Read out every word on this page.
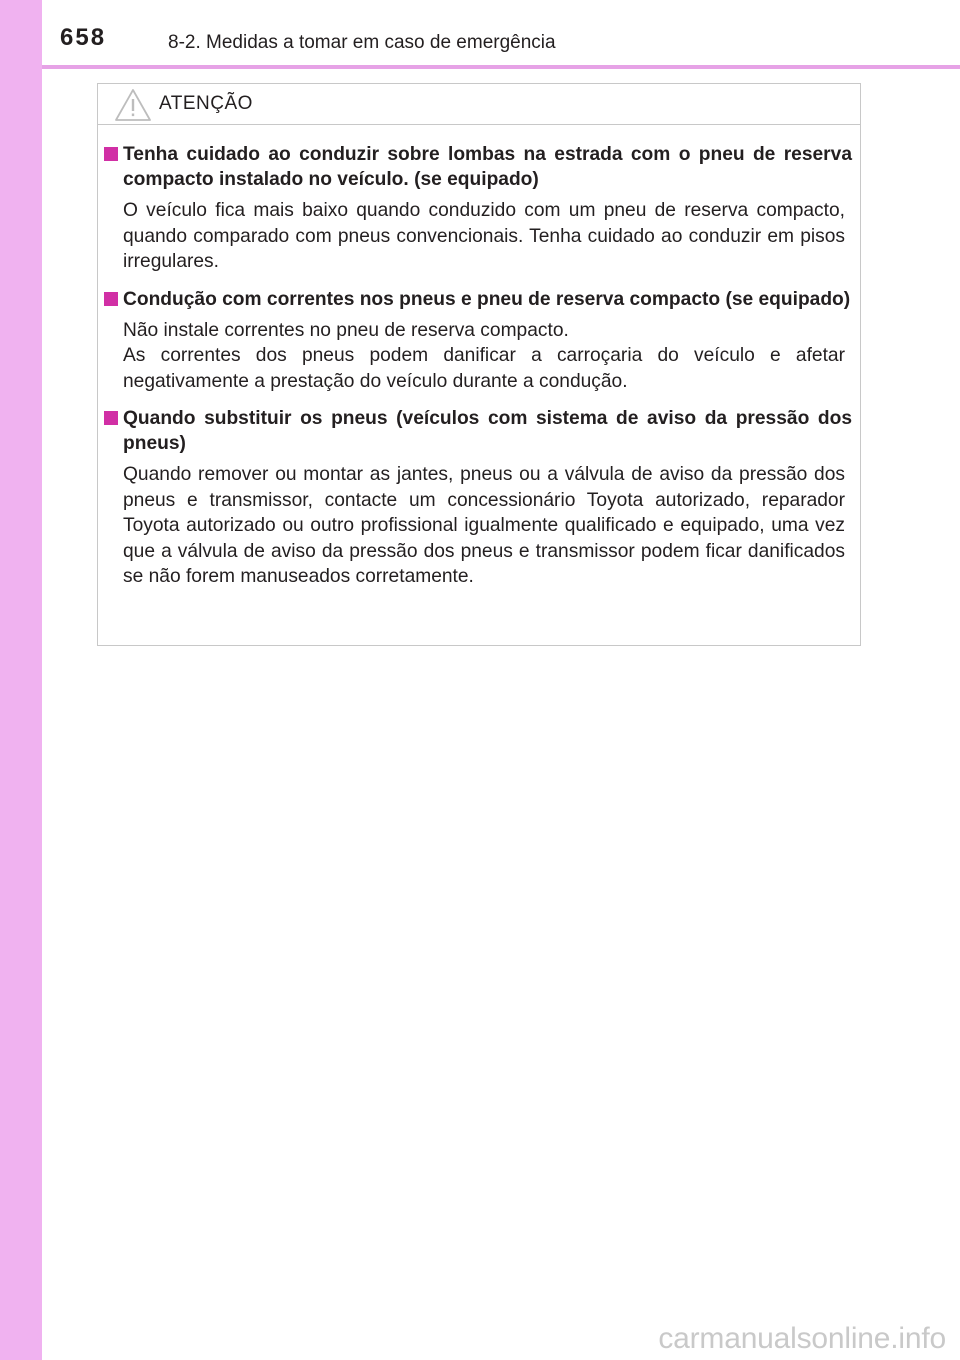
658	8-2. Medidas a tomar em caso de emergência
ATENÇÃO
Tenha cuidado ao conduzir sobre lombas na estrada com o pneu de reserva compacto instalado no veículo. (se equipado)
O veículo fica mais baixo quando conduzido com um pneu de reserva compacto, quando comparado com pneus convencionais. Tenha cuidado ao conduzir em pisos irregulares.
Condução com correntes nos pneus e pneu de reserva compacto (se equipado)
Não instale correntes no pneu de reserva compacto.
As correntes dos pneus podem danificar a carroçaria do veículo e afetar negativamente a prestação do veículo durante a condução.
Quando substituir os pneus (veículos com sistema de aviso da pressão dos pneus)
Quando remover ou montar as jantes, pneus ou a válvula de aviso da pressão dos pneus e transmissor, contacte um concessionário Toyota autorizado, reparador Toyota autorizado ou outro profissional igualmente qualificado e equipado, uma vez que a válvula de aviso da pressão dos pneus e transmissor podem ficar danificados se não forem manuseados corretamente.
carmanualsonline.info
